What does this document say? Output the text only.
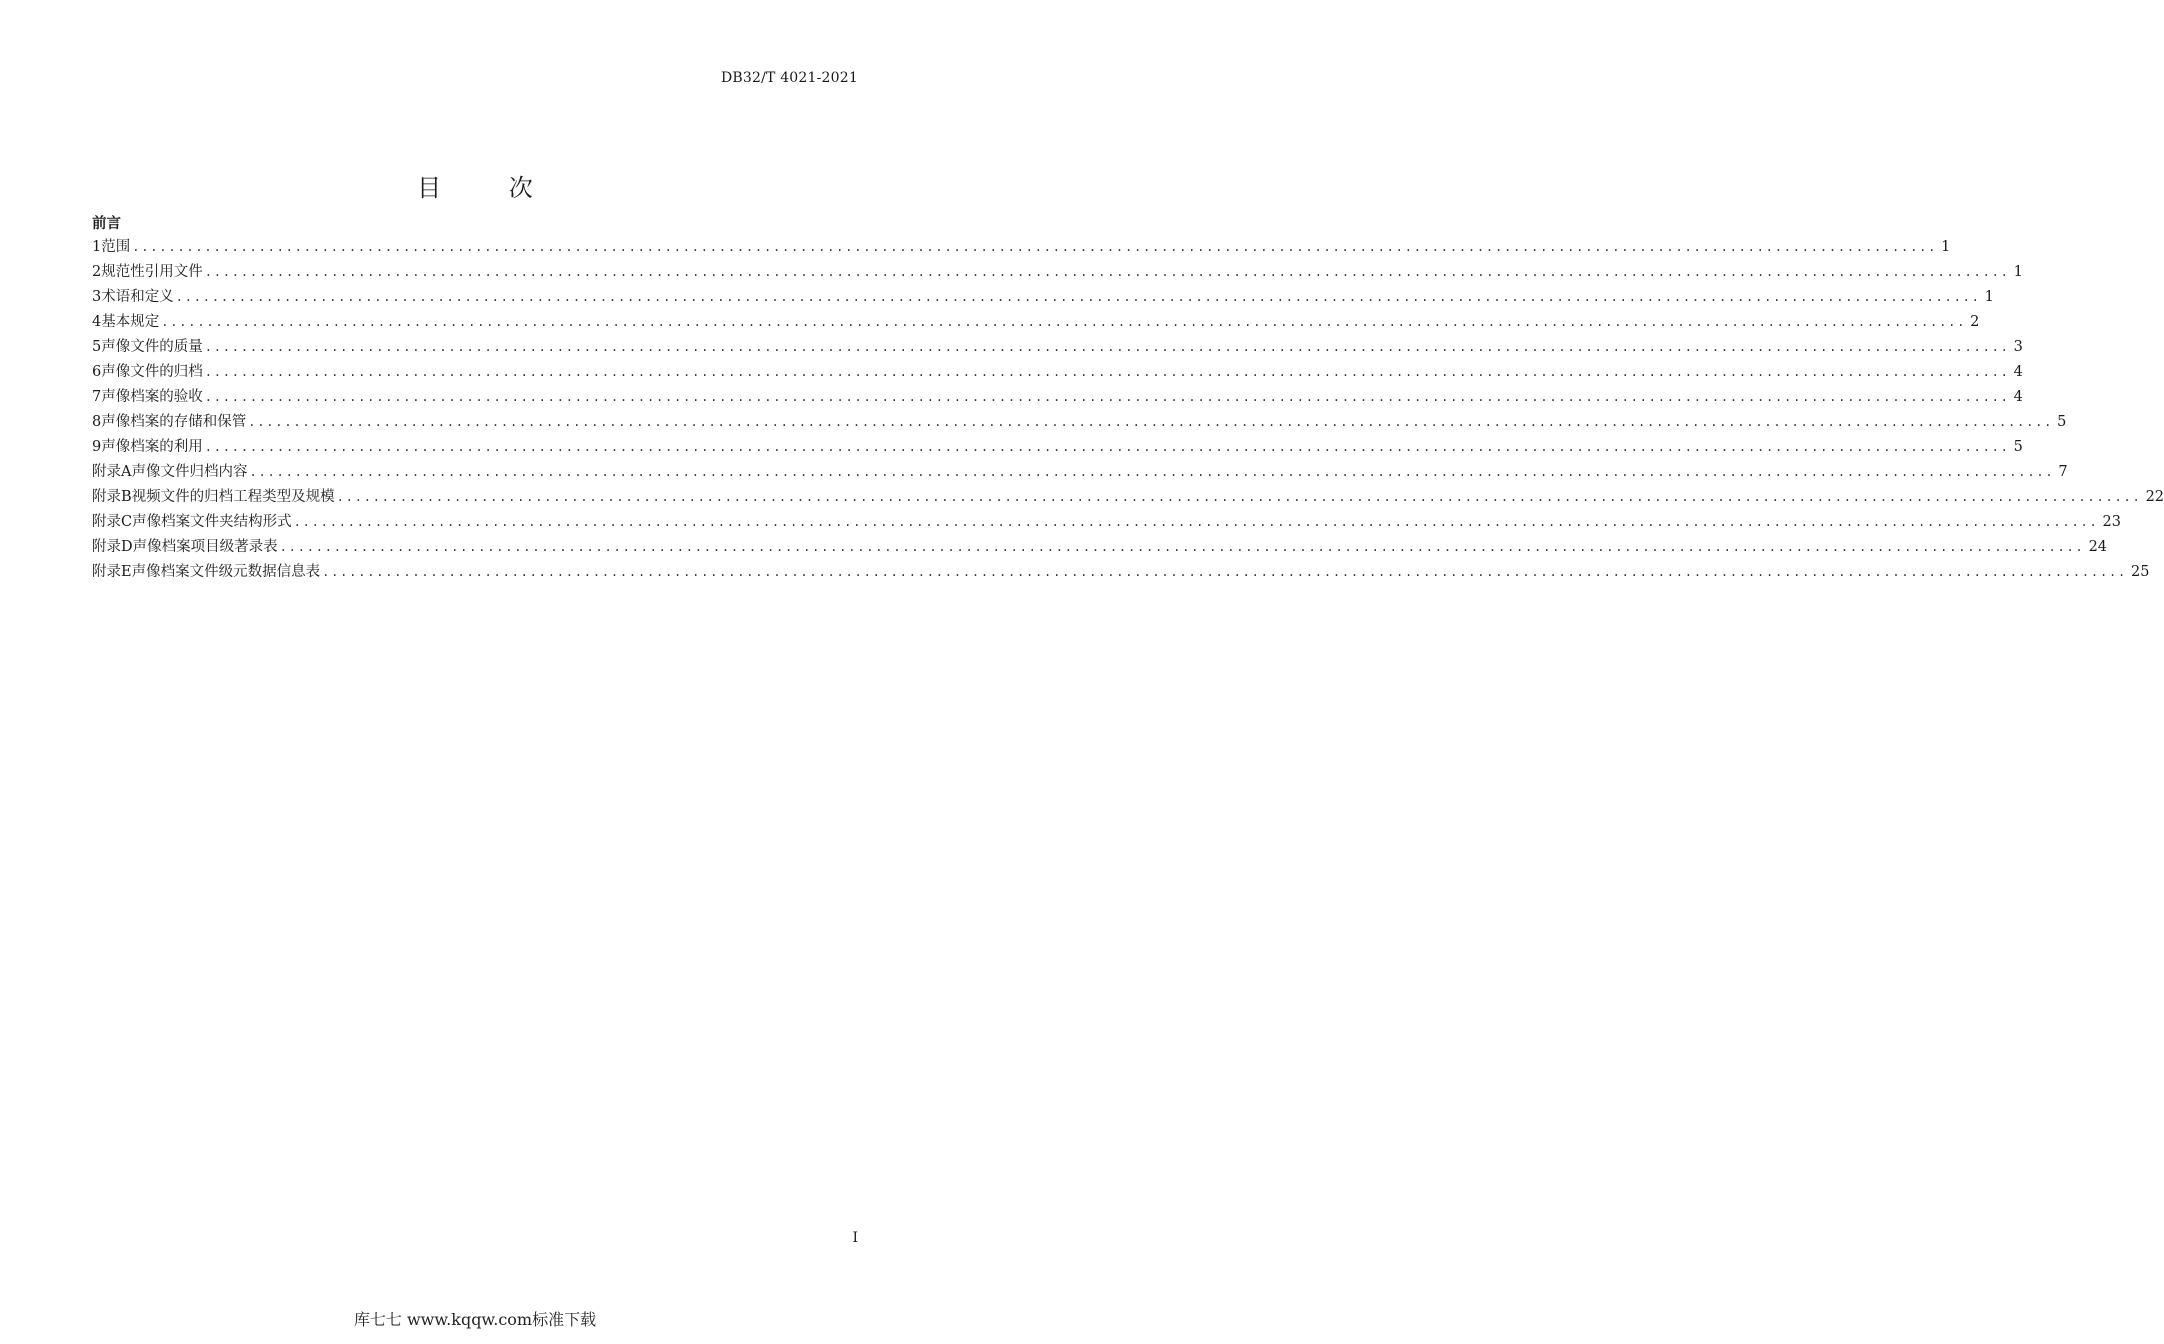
DB32/T 4021-2021
目 次
前言
1 范围 ........................................................................................................................................................................................................ 1
2 规范性引用文件 ........................................................................................................................................................................................................ 1
3 术语和定义 ........................................................................................................................................................................................................ 1
4 基本规定 ........................................................................................................................................................................................................ 2
5 声像文件的质量 ........................................................................................................................................................................................................ 3
6 声像文件的归档 ........................................................................................................................................................................................................ 4
7 声像档案的验收 ........................................................................................................................................................................................................ 4
8 声像档案的存储和保管 ........................................................................................................................................................................................................ 5
9 声像档案的利用 ........................................................................................................................................................................................................ 5
附录A 声像文件归档内容 ........................................................................................................................................................................................................ 7
附录B 视频文件的归档工程类型及规模 ........................................................................................................................................................................................................ 22
附录C 声像档案文件夹结构形式 ........................................................................................................................................................................................................ 23
附录D 声像档案项目级著录表 ........................................................................................................................................................................................................ 24
附录E 声像档案文件级元数据信息表 ........................................................................................................................................................................................................ 25
I
库七七 www.kqqw.com标准下载
